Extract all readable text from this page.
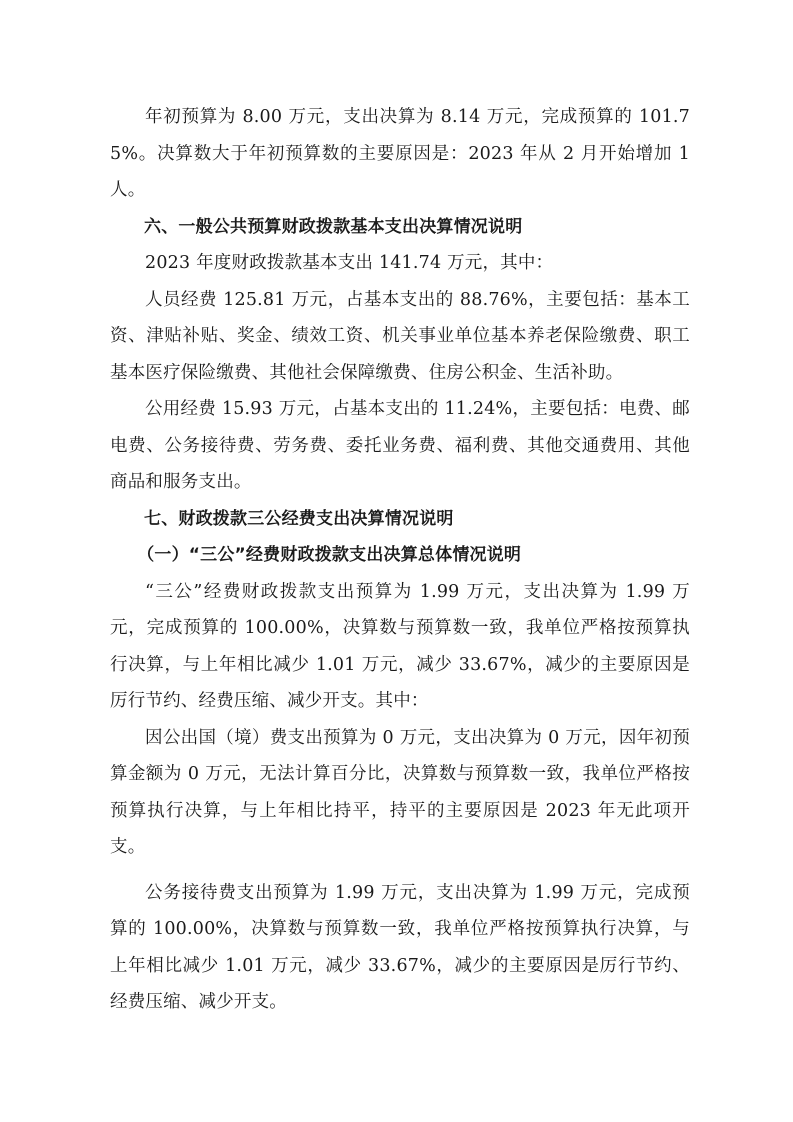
年初预算为 8.00 万元，支出决算为 8.14 万元，完成预算的 101.75%。决算数大于年初预算数的主要原因是：2023 年从 2 月开始增加 1 人。

六、一般公共预算财政拨款基本支出决算情况说明

2023 年度财政拨款基本支出 141.74 万元，其中：

人员经费 125.81 万元，占基本支出的 88.76%，主要包括：基本工资、津贴补贴、奖金、绩效工资、机关事业单位基本养老保险缴费、职工基本医疗保险缴费、其他社会保障缴费、住房公积金、生活补助。

公用经费 15.93 万元，占基本支出的 11.24%，主要包括：电费、邮电费、公务接待费、劳务费、委托业务费、福利费、其他交通费用、其他商品和服务支出。

七、财政拨款三公经费支出决算情况说明
（一）“三公”经费财政拨款支出决算总体情况说明

“三公”经费财政拨款支出预算为 1.99 万元，支出决算为 1.99 万元，完成预算的 100.00%，决算数与预算数一致，我单位严格按预算执行决算，与上年相比减少 1.01 万元，减少 33.67%，减少的主要原因是厉行节约、经费压缩、减少开支。其中：

因公出国（境）费支出预算为 0 万元，支出决算为 0 万元，因年初预算金额为 0 万元，无法计算百分比，决算数与预算数一致，我单位严格按预算执行决算，与上年相比持平，持平的主要原因是 2023 年无此项开支。

公务接待费支出预算为 1.99 万元，支出决算为 1.99 万元，完成预算的 100.00%，决算数与预算数一致，我单位严格按预算执行决算，与上年相比减少 1.01 万元，减少 33.67%，减少的主要原因是厉行节约、经费压缩、减少开支。
